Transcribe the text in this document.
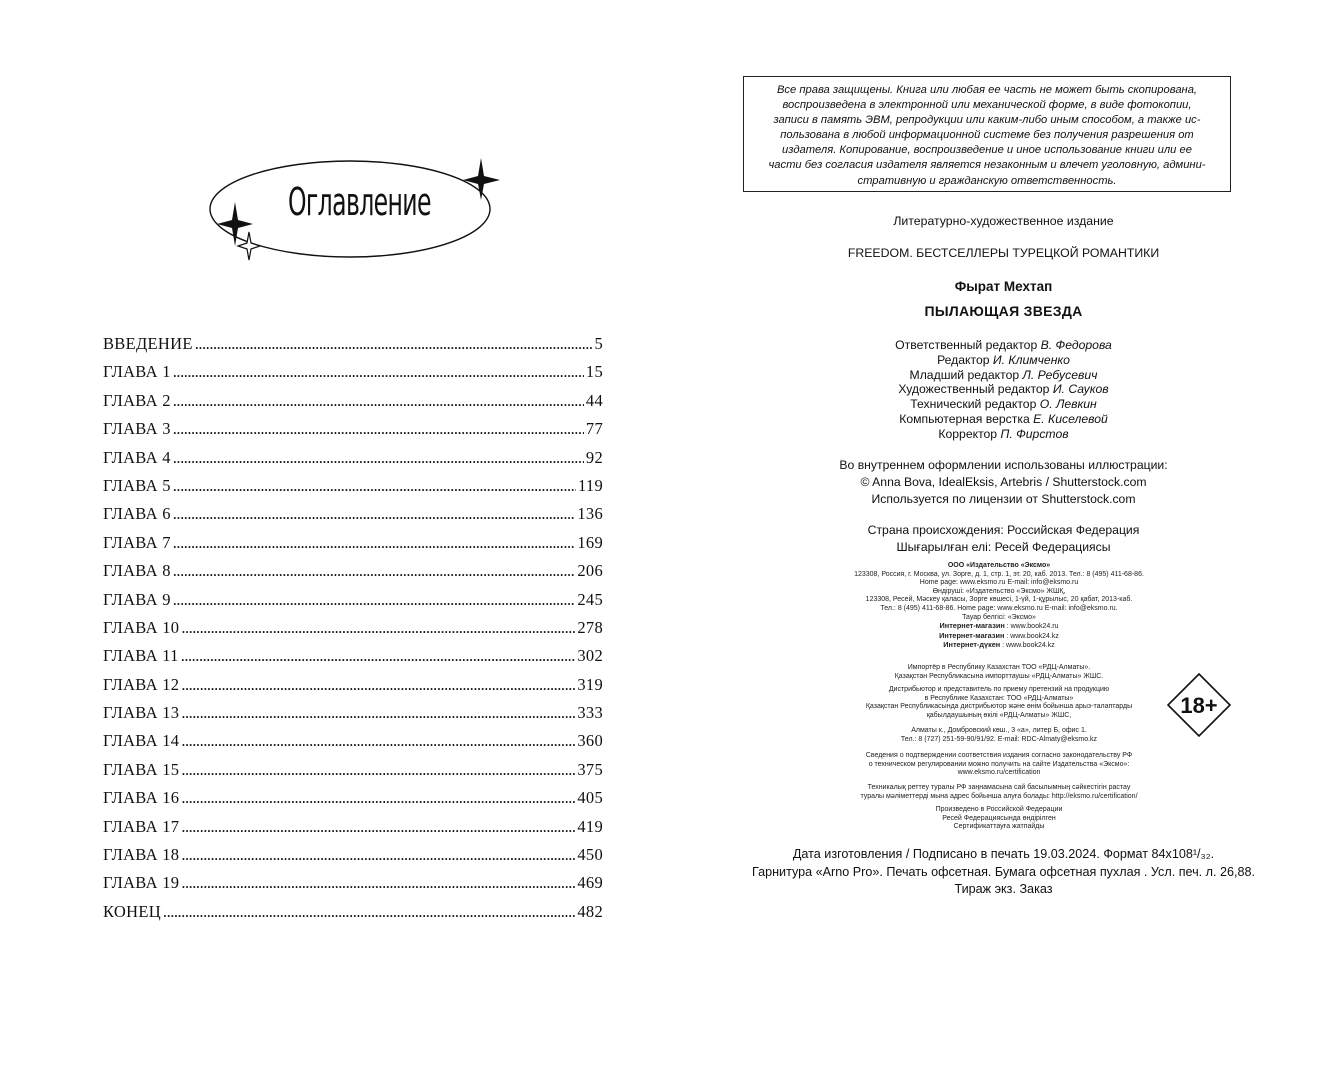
Оглавление
ВВЕДЕНИЕ . . .	5
ГЛАВА 1 . . .	15
ГЛАВА 2 . . .	44
ГЛАВА 3 . . .	77
ГЛАВА 4 . . .	92
ГЛАВА 5 . . .	119
ГЛАВА 6 . . .	136
ГЛАВА 7 . . .	169
ГЛАВА 8 . . .	206
ГЛАВА 9 . . .	245
ГЛАВА 10 . . .	278
ГЛАВА 11 . . .	302
ГЛАВА 12 . . .	319
ГЛАВА 13 . . .	333
ГЛАВА 14 . . .	360
ГЛАВА 15 . . .	375
ГЛАВА 16 . . .	405
ГЛАВА 17 . . .	419
ГЛАВА 18 . . .	450
ГЛАВА 19 . . .	469
КОНЕЦ . . .	482
Все права защищены. Книга или любая ее часть не может быть скопирована,
воспроизведена в электронной или механической форме, в виде фотокопии,
записи в память ЭВМ, репродукции или каким-либо иным способом, а также ис-
пользована в любой информационной системе без получения разрешения от
издателя. Копирование, воспроизведение и иное использование книги или ее
части без согласия издателя является незаконным и влечет уголовную, админи-
стративную и гражданскую ответственность.
Литературно-художественное издание
FREEDOM. БЕСТСЕЛЛЕРЫ ТУРЕЦКОЙ РОМАНТИКИ
Фырат Мехтап
ПЫЛАЮЩАЯ ЗВЕЗДА
Ответственный редактор В. Федорова
Редактор И. Климченко
Младший редактор Л. Ребусевич
Художественный редактор И. Сауков
Технический редактор О. Левкин
Компьютерная верстка Е. Киселевой
Корректор П. Фирстов
Во внутреннем оформлении использованы иллюстрации:
© Anna Bova, IdealEksis, Artebris / Shutterstock.com
Используется по лицензии от Shutterstock.com
Страна происхождения: Российская Федерация
Шығарылған елі: Ресей Федерациясы
ООО «Издательство «Эксмо»
123308, Россия, г. Москва, ул. Зорге, д. 1, стр. 1, эт. 20, каб. 2013. Тел.: 8 (495) 411-68-86.
Home page: www.eksmo.ru E-mail: info@eksmo.ru
Өндіруші: «Издательство «Эксмо» ЖШҚ,
123308, Ресей, Мәскеу қаласы, Зорге көшесі, 1-үй, 1-құрылыс, 20 қабат, 2013-каб.
Тел.: 8 (495) 411-68-86. Home page: www.eksmo.ru E-mail: info@eksmo.ru.
Тауар белгісі: «Эксмо»
Интернет-магазин : www.book24.ru
Интернет-магазин : www.book24.kz
Интернет-дүкен : www.book24.kz
Импортёр в Республику Казахстан ТОО «РДЦ-Алматы».
Қазақстан Республикасына импорттаушы «РДЦ-Алматы» ЖШС.
Дистрибьютор и представитель по приему претензий на продукцию
в Республике Казахстан: ТОО «РДЦ-Алматы»
Қазақстан Республикасында дистрибьютор және өнім бойынша арыз-талаптарды
қабылдаушының өкілі «РДЦ-Алматы» ЖШС,
Алматы к., Домбровский көш., 3 «а», литер Б, офис 1.
Тел.: 8 (727) 251-59-90/91/92. E-mail: RDC-Almaty@eksmo.kz
Сведения о подтверждении соответствия издания согласно законодательству РФ
о техническом регулировании можно получить на сайте Издательства «Эксмо»:
www.eksmo.ru/certification
Техникалық реттеу туралы РФ заңнамасына сай басылымның сәйкестігін растау
туралы мәліметтерді мына адрес бойынша алуға болады: http://eksmo.ru/certification/
Произведено в Российской Федерации
Ресей Федерациясында өндірілген
Сертификаттауға жатпайды
18+
Дата изготовления / Подписано в печать 19.03.2024. Формат 84x108¹/₃₂.
Гарнитура «Arno Pro». Печать офсетная. Бумага офсетная пухлая . Усл. печ. л. 26,88.
Тираж экз. Заказ
